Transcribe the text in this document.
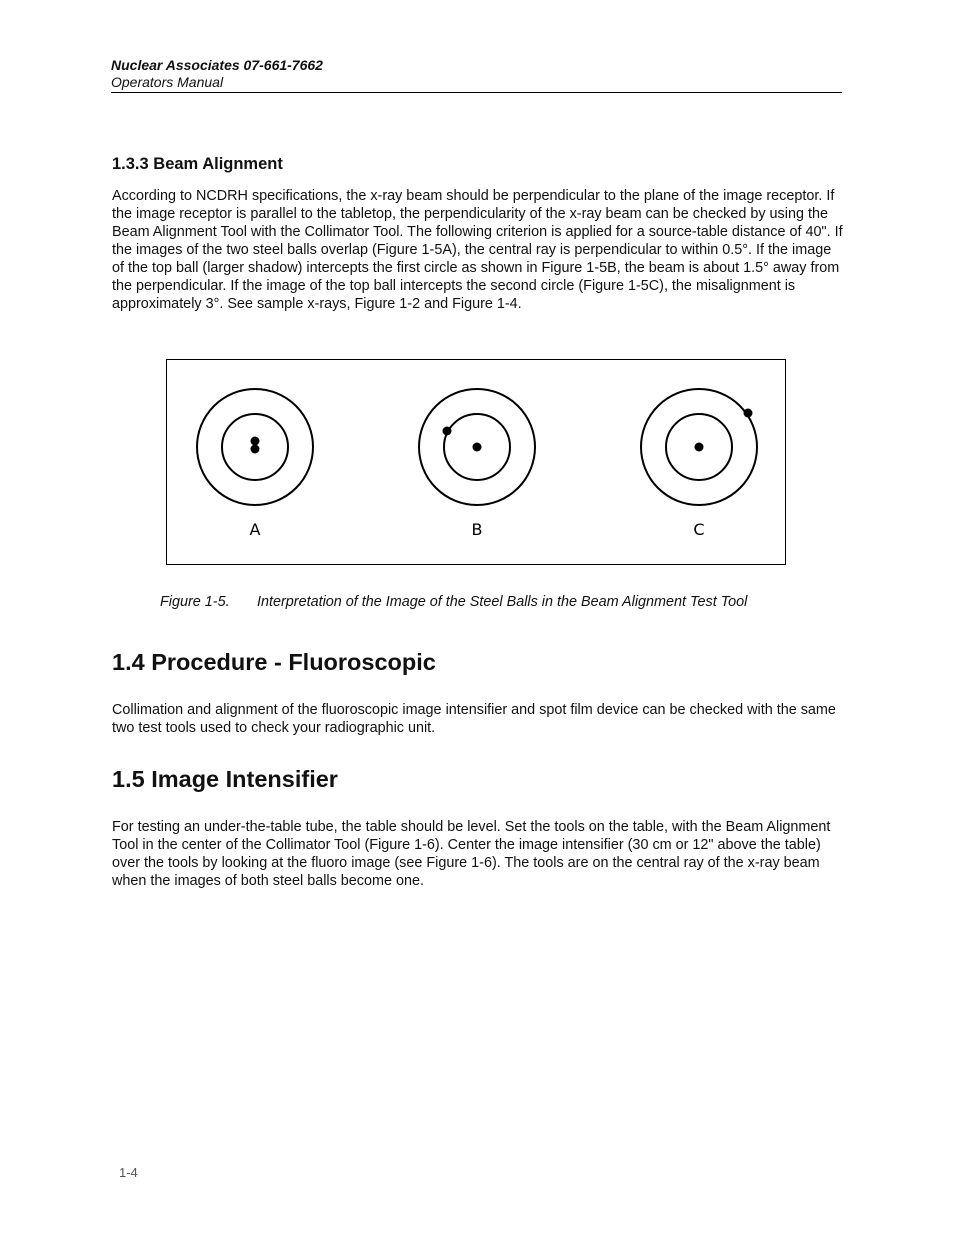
Nuclear Associates 07-661-7662
Operators Manual
1.3.3 Beam Alignment

According to NCDRH specifications, the x-ray beam should be perpendicular to the plane of the image receptor. If the image receptor is parallel to the tabletop, the perpendicularity of the x-ray beam can be checked by using the Beam Alignment Tool with the Collimator Tool. The following criterion is applied for a source-table distance of 40". If the images of the two steel balls overlap (Figure 1-5A), the central ray is perpendicular to within 0.5°. If the image of the top ball (larger shadow) intercepts the first circle as shown in Figure 1-5B, the beam is about 1.5° away from the perpendicular. If the image of the top ball intercepts the second circle (Figure 1-5C), the misalignment is approximately 3°. See sample x-rays, Figure 1-2 and Figure 1-4.

A	B	C
Figure 1-5. Interpretation of the Image of the Steel Balls in the Beam Alignment Test Tool
1.4 Procedure - Fluoroscopic

Collimation and alignment of the fluoroscopic image intensifier and spot film device can be checked with the same two test tools used to check your radiographic unit.

1.5 Image Intensifier

For testing an under-the-table tube, the table should be level. Set the tools on the table, with the Beam Alignment Tool in the center of the Collimator Tool (Figure 1-6). Center the image intensifier (30 cm or 12" above the table) over the tools by looking at the fluoro image (see Figure 1-6). The tools are on the central ray of the x-ray beam when the images of both steel balls become one.

1-4
